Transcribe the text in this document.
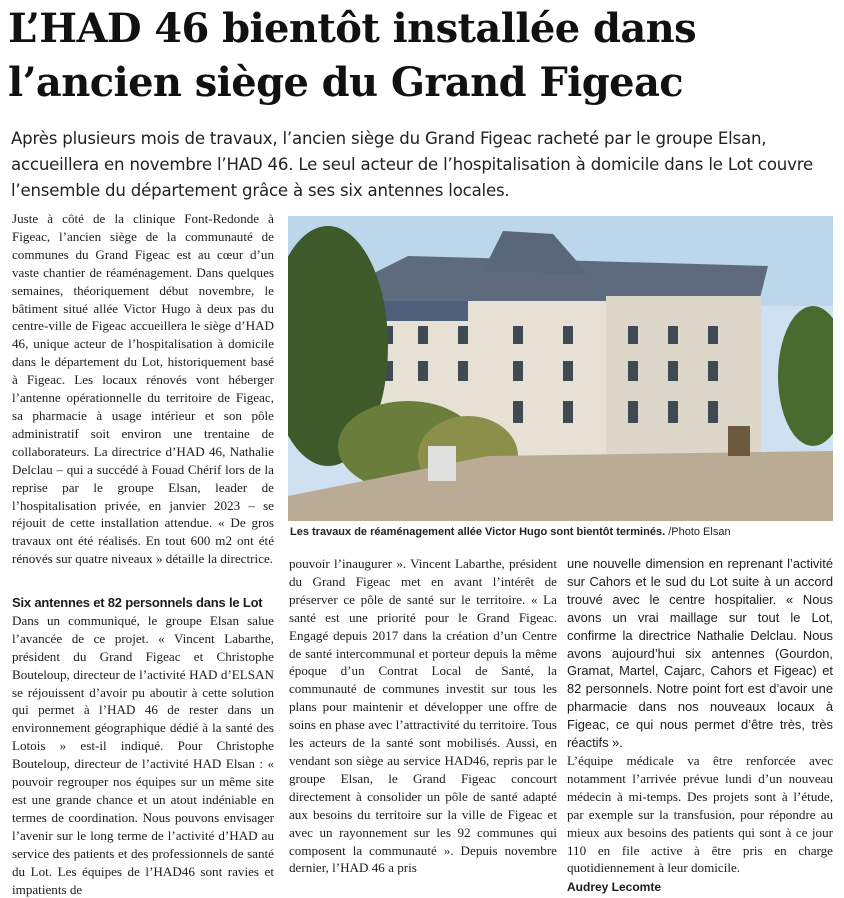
L’HAD 46 bientôt installée dans l’ancien siège du Grand Figeac

Après plusieurs mois de travaux, l’ancien siège du Grand Figeac racheté par le groupe Elsan, accueillera en novembre l’HAD 46. Le seul acteur de l’hospitalisation à domicile dans le Lot couvre l’ensemble du département grâce à ses six antennes locales.

Juste à côté de la clinique Font-Redonde à Figeac, l’ancien siège de la communauté de communes du Grand Figeac est au cœur d’un vaste chantier de réaménagement. Dans quelques semaines, théoriquement début novembre, le bâtiment situé allée Victor Hugo à deux pas du centre-ville de Figeac accueillera le siège d’HAD 46, unique acteur de l’hospitalisation à domicile dans le département du Lot, historiquement basé à Figeac. Les locaux rénovés vont héberger l’antenne opérationnelle du territoire de Figeac, sa pharmacie à usage intérieur et son pôle administratif soit environ une trentaine de collaborateurs. La directrice d’HAD 46, Nathalie Delclau – qui a succédé à Fouad Chérif lors de la reprise par le groupe Elsan, leader de l’hospitalisation privée, en janvier 2023 – se réjouit de cette installation attendue. « De gros travaux ont été réalisés. En tout 600 m2 ont été rénovés sur quatre niveaux » détaille la directrice.

Six antennes et 82 personnels dans le Lot

Dans un communiqué, le groupe Elsan salue l’avancée de ce projet. « Vincent Labarthe, président du Grand Figeac et Christophe Bouteloup, directeur de l’activité HAD d’ELSAN se réjouissent d’avoir pu aboutir à cette solution qui permet à l’HAD 46 de rester dans un environnement géographique dédié à la santé des Lotois » est-il indiqué. Pour Christophe Bouteloup, directeur de l’activité HAD Elsan : « pouvoir regrouper nos équipes sur un même site est une grande chance et un atout indéniable en termes de coordination. Nous pouvons envisager l’avenir sur le long terme de l’activité d’HAD au service des patients et des professionnels de santé du Lot. Les équipes de l’HAD46 sont ravies et impatients de

Les travaux de réaménagement allée Victor Hugo sont bientôt terminés. /Photo Elsan

pouvoir l’inaugurer ». Vincent Labarthe, président du Grand Figeac met en avant l’intérêt de préserver ce pôle de santé sur le territoire. « La santé est une priorité pour le Grand Figeac. Engagé depuis 2017 dans la création d’un Centre de santé intercommunal et porteur depuis la même époque d’un Contrat Local de Santé, la communauté de communes investit sur tous les plans pour maintenir et développer une offre de soins en phase avec l’attractivité du territoire. Tous les acteurs de la santé sont mobilisés. Aussi, en vendant son siège au service HAD46, repris par le groupe Elsan, le Grand Figeac concourt directement à consolider un pôle de santé adapté aux besoins du territoire sur la ville de Figeac et avec un rayonnement sur les 92 communes qui composent la communauté ». Depuis novembre dernier, l’HAD 46 a pris

une nouvelle dimension en reprenant l’activité sur Cahors et le sud du Lot suite à un accord trouvé avec le centre hospitalier. « Nous avons un vrai maillage sur tout le Lot, confirme la directrice Nathalie Delclau. Nous avons aujourd’hui six antennes (Gourdon, Gramat, Martel, Cajarc, Cahors et Figeac) et 82 personnels. Notre point fort est d’avoir une pharmacie dans nos nouveaux locaux à Figeac, ce qui nous permet d’être très, très réactifs ».

L’équipe médicale va être renforcée avec notamment l’arrivée prévue lundi d’un nouveau médecin à mi-temps. Des projets sont à l’étude, par exemple sur la transfusion, pour répondre au mieux aux besoins des patients qui sont à ce jour 110 en file active à être pris en charge quotidiennement à leur domicile.

Audrey Lecomte
